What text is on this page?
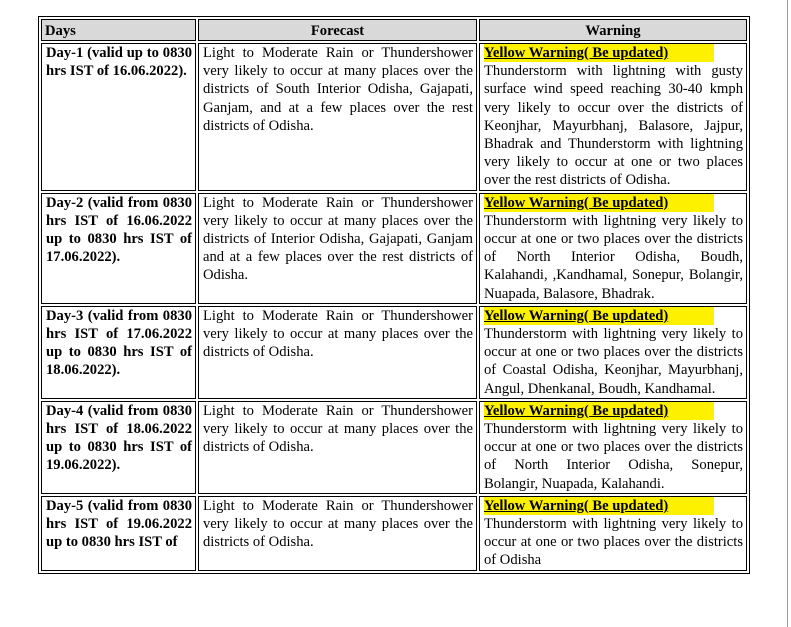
Days	Forecast	Warning
Day-1 (valid up to 0830 hrs IST of 16.06.2022).	Light to Moderate Rain or Thundershower very likely to occur at many places over the districts of South Interior Odisha, Gajapati, Ganjam, and at a few places over the rest districts of Odisha.	Yellow Warning( Be updated)
Thunderstorm with lightning with gusty surface wind speed reaching 30-40 kmph very likely to occur over the districts of Keonjhar, Mayurbhanj, Balasore, Jajpur, Bhadrak and Thunderstorm with lightning very likely to occur at one or two places over the rest districts of Odisha.
Day-2 (valid from 0830 hrs IST of 16.06.2022 up to 0830 hrs IST of 17.06.2022).	Light to Moderate Rain or Thundershower very likely to occur at many places over the districts of Interior Odisha, Gajapati, Ganjam and at a few places over the rest districts of Odisha.	Yellow Warning( Be updated)
Thunderstorm with lightning very likely to occur at one or two places over the districts of North Interior Odisha, Boudh, Kalahandi, ,Kandhamal, Sonepur, Bolangir, Nuapada, Balasore, Bhadrak.
Day-3 (valid from 0830 hrs IST of 17.06.2022 up to 0830 hrs IST of 18.06.2022).	Light to Moderate Rain or Thundershower very likely to occur at many places over the districts of Odisha.	Yellow Warning( Be updated)
Thunderstorm with lightning very likely to occur at one or two places over the districts of Coastal Odisha, Keonjhar, Mayurbhanj, Angul, Dhenkanal, Boudh, Kandhamal.
Day-4 (valid from 0830 hrs IST of 18.06.2022 up to 0830 hrs IST of 19.06.2022).	Light to Moderate Rain or Thundershower very likely to occur at many places over the districts of Odisha.	Yellow Warning( Be updated)
Thunderstorm with lightning very likely to occur at one or two places over the districts of North Interior Odisha, Sonepur, Bolangir, Nuapada, Kalahandi.
Day-5 (valid from 0830 hrs IST of 19.06.2022 up to 0830 hrs IST of	Light to Moderate Rain or Thundershower very likely to occur at many places over the districts of Odisha.	Yellow Warning( Be updated)
Thunderstorm with lightning very likely to occur at one or two places over the districts of Odisha
